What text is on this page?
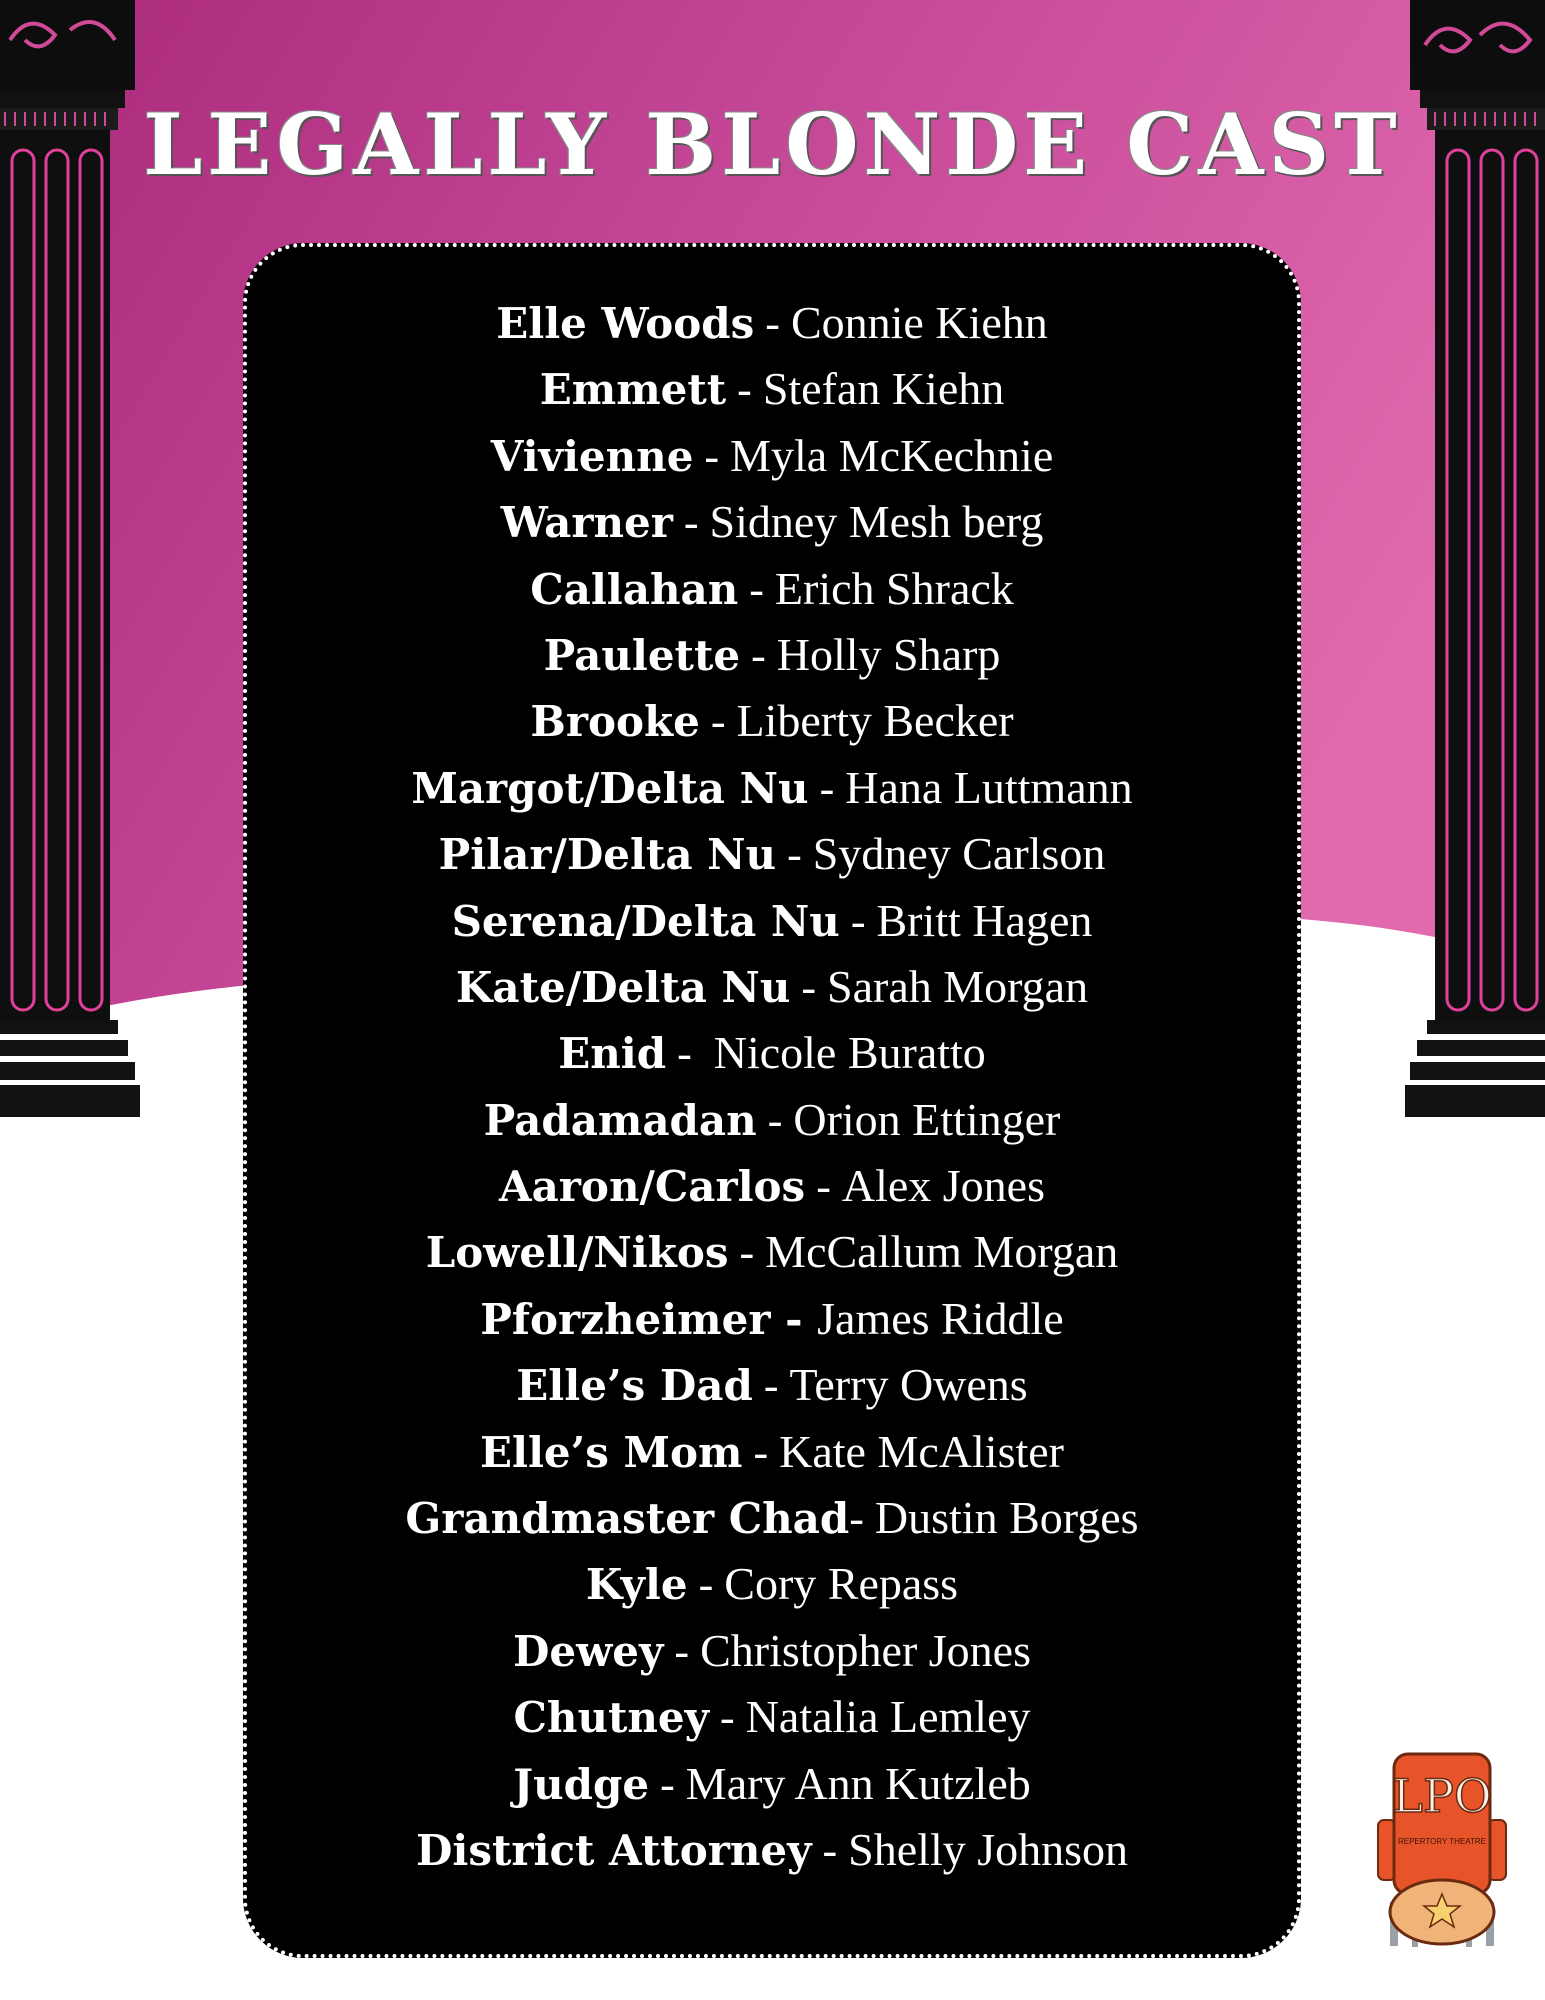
LEGALLY BLONDE CAST
Elle Woods - Connie Kiehn
Emmett - Stefan Kiehn
Vivienne - Myla McKechnie
Warner - Sidney Mesh berg
Callahan - Erich Shrack
Paulette - Holly Sharp
Brooke - Liberty Becker
Margot/Delta Nu - Hana Luttmann
Pilar/Delta Nu - Sydney Carlson
Serena/Delta Nu - Britt Hagen
Kate/Delta Nu - Sarah Morgan
Enid -  Nicole Buratto
Padamadan - Orion Ettinger
Aaron/Carlos - Alex Jones
Lowell/Nikos - McCallum Morgan
Pforzheimer - James Riddle
Elle’s Dad - Terry Owens
Elle’s Mom - Kate McAlister
Grandmaster Chad- Dustin Borges
Kyle - Cory Repass
Dewey - Christopher Jones
Chutney - Natalia Lemley
Judge - Mary Ann Kutzleb
District Attorney - Shelly Johnson
LPO
REPERTORY THEATRE
